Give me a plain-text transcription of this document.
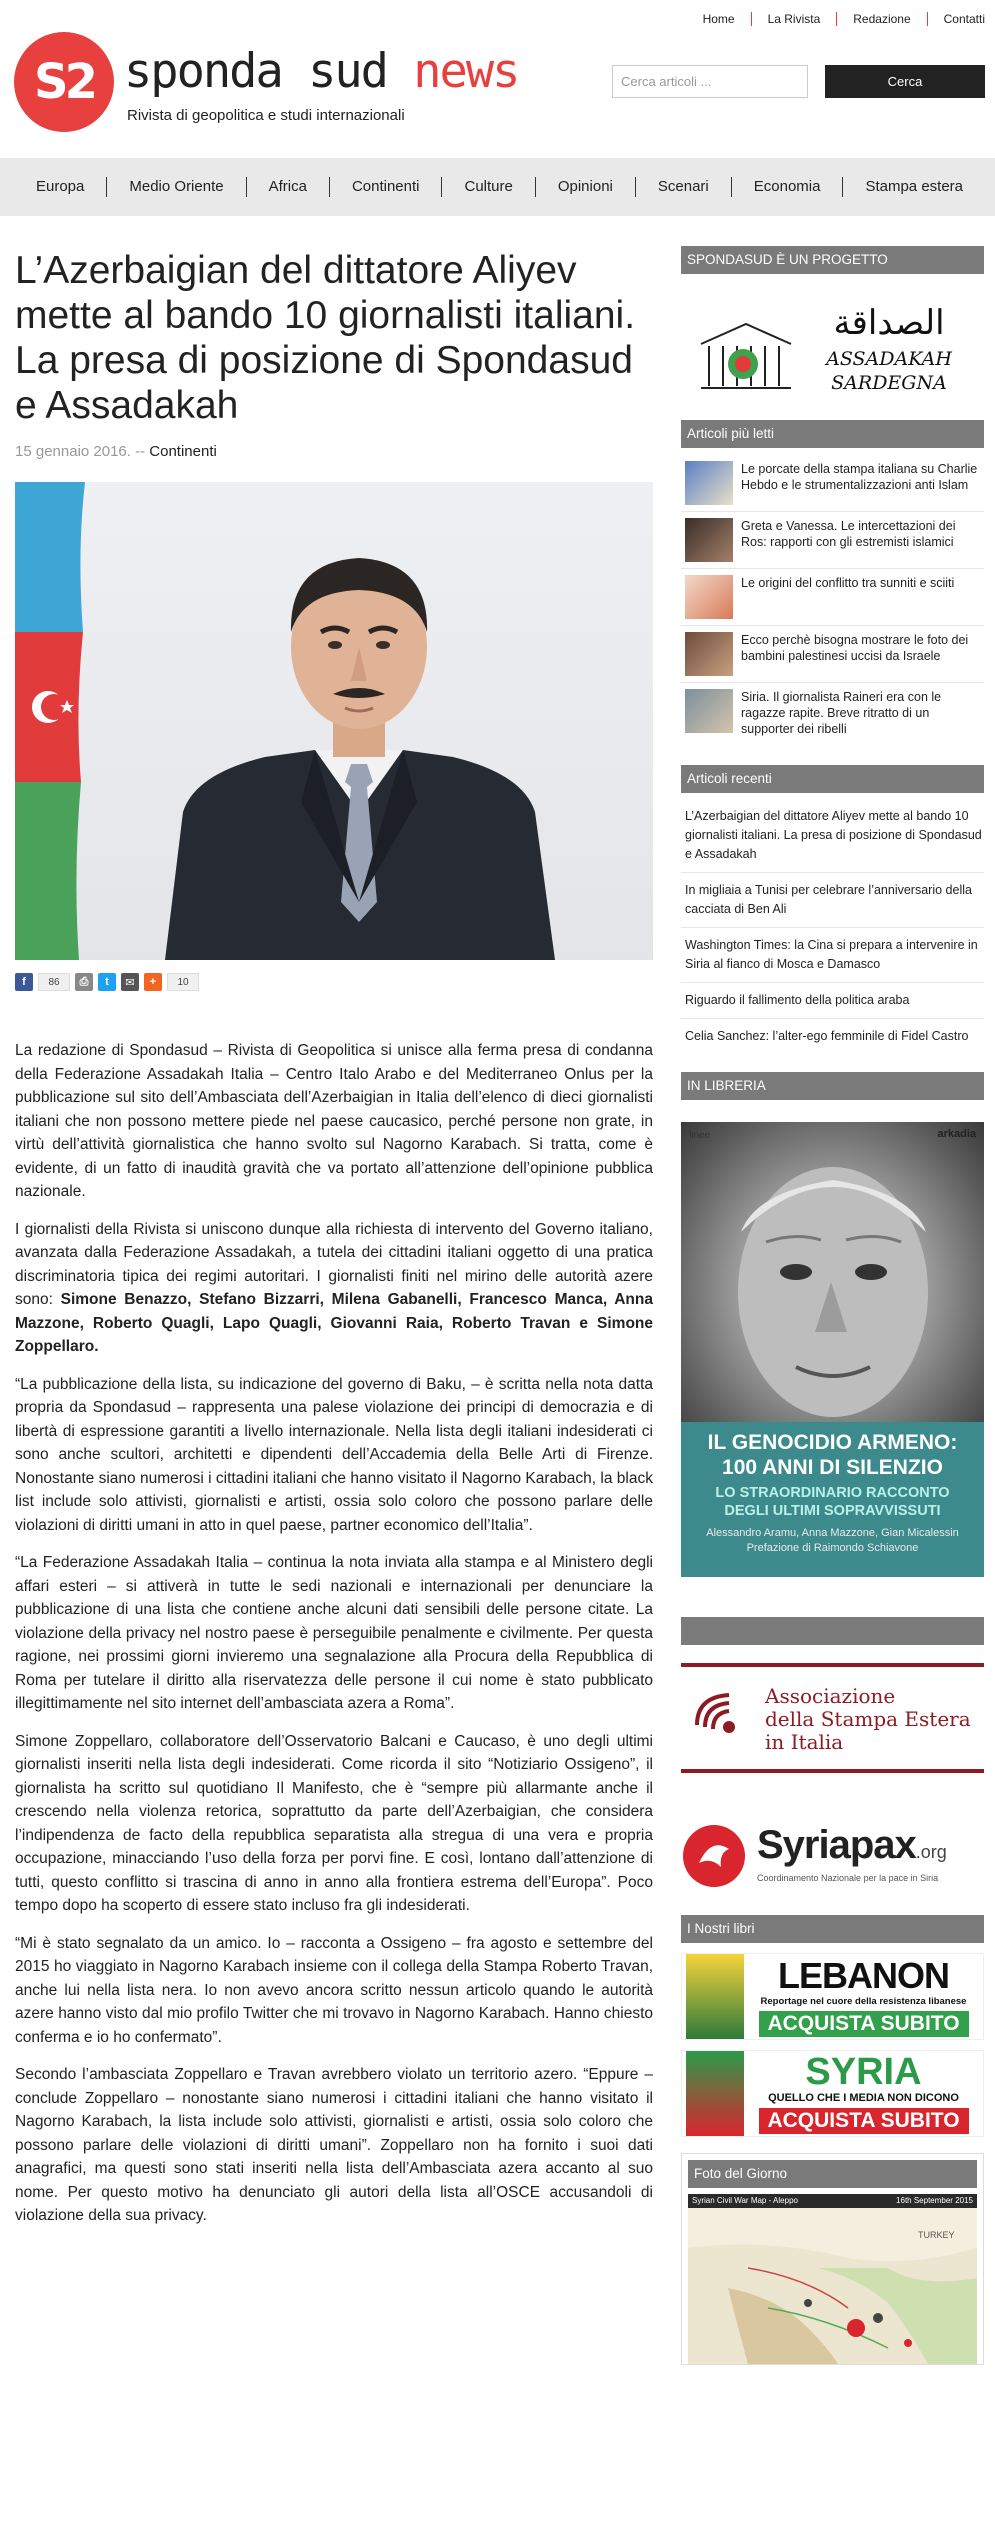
S2 sponda sud news
Rivista di geopolitica e studi internazionali
Home	La Rivista	Redazione	Contatti
Cerca articoli ...
Cerca
Europa	Medio Oriente	Africa	Continenti	Culture	Opinioni	Scenari	Economia	Stampa estera
L’Azerbaigian del dittatore Aliyev mette al bando 10 giornalisti italiani. La presa di posizione di Spondasud e Assadakah
15 gennaio 2016. -- Continenti
f	86	⎙	t	✉	+	10

La redazione di Spondasud – Rivista di Geopolitica si unisce alla ferma presa di condanna della Federazione Assadakah Italia – Centro Italo Arabo e del Mediterraneo Onlus per la pubblicazione sul sito dell’Ambasciata dell’Azerbaigian in Italia dell’elenco di dieci giornalisti italiani che non possono mettere piede nel paese caucasico, perché persone non grate, in virtù dell’attività giornalistica che hanno svolto sul Nagorno Karabach. Si tratta, come è evidente, di un fatto di inaudità gravità che va portato all’attenzione dell’opinione pubblica nazionale.

I giornalisti della Rivista si uniscono dunque alla richiesta di intervento del Governo italiano, avanzata dalla Federazione Assadakah, a tutela dei cittadini italiani oggetto di una pratica discriminatoria tipica dei regimi autoritari. I giornalisti finiti nel mirino delle autorità azere sono: Simone Benazzo, Stefano Bizzarri, Milena Gabanelli, Francesco Manca, Anna Mazzone, Roberto Quagli, Lapo Quagli, Giovanni Raia, Roberto Travan e Simone Zoppellaro.

“La pubblicazione della lista, su indicazione del governo di Baku, – è scritta nella nota datta propria da Spondasud – rappresenta una palese violazione dei principi di democrazia e di libertà di espressione garantiti a livello internazionale. Nella lista degli italiani indesiderati ci sono anche scultori, architetti e dipendenti dell’Accademia della Belle Arti di Firenze. Nonostante siano numerosi i cittadini italiani che hanno visitato il Nagorno Karabach, la black list include solo attivisti, giornalisti e artisti, ossia solo coloro che possono parlare delle violazioni di diritti umani in atto in quel paese, partner economico dell’Italia”.

“La Federazione Assadakah Italia – continua la nota inviata alla stampa e al Ministero degli affari esteri – si attiverà in tutte le sedi nazionali e internazionali per denunciare la pubblicazione di una lista che contiene anche alcuni dati sensibili delle persone citate. La violazione della privacy nel nostro paese è perseguibile penalmente e civilmente. Per questa ragione, nei prossimi giorni invieremo una segnalazione alla Procura della Repubblica di Roma per tutelare il diritto alla riservatezza delle persone il cui nome è stato pubblicato illegittimamente nel sito internet dell’ambasciata azera a Roma”.

Simone Zoppellaro, collaboratore dell’Osservatorio Balcani e Caucaso, è uno degli ultimi giornalisti inseriti nella lista degli indesiderati. Come ricorda il sito “Notiziario Ossigeno”, il giornalista ha scritto sul quotidiano Il Manifesto, che è “sempre più allarmante anche il crescendo nella violenza retorica, soprattutto da parte dell’Azerbaigian, che considera l’indipendenza de facto della repubblica separatista alla stregua di una vera e propria occupazione, minacciando l’uso della forza per porvi fine. E così, lontano dall’attenzione di tutti, questo conflitto si trascina di anno in anno alla frontiera estrema dell’Europa”. Poco tempo dopo ha scoperto di essere stato incluso fra gli indesiderati.

“Mi è stato segnalato da un amico. Io – racconta a Ossigeno – fra agosto e settembre del 2015 ho viaggiato in Nagorno Karabach insieme con il collega della Stampa Roberto Travan, anche lui nella lista nera. Io non avevo ancora scritto nessun articolo quando le autorità azere hanno visto dal mio profilo Twitter che mi trovavo in Nagorno Karabach. Hanno chiesto conferma e io ho confermato”.

Secondo l’ambasciata Zoppellaro e Travan avrebbero violato un territorio azero. “Eppure – conclude Zoppellaro – nonostante siano numerosi i cittadini italiani che hanno visitato il Nagorno Karabach, la lista include solo attivisti, giornalisti e artisti, ossia solo coloro che possono parlare delle violazioni di diritti umani”. Zoppellaro non ha fornito i suoi dati anagrafici, ma questi sono stati inseriti nella lista dell’Ambasciata azera accanto al suo nome. Per questo motivo ha denunciato gli autori della lista all’OSCE accusandoli di violazione della sua privacy.

SPONDASUD È UN PROGETTO
الصداقة
ASSADAKAH
SARDEGNA
Articoli più letti
Le porcate della stampa italiana su Charlie Hebdo e le strumentalizzazioni anti Islam
Greta e Vanessa. Le intercettazioni dei Ros: rapporti con gli estremisti islamici
Le origini del conflitto tra sunniti e sciiti
Ecco perchè bisogna mostrare le foto dei bambini palestinesi uccisi da Israele
Siria. Il giornalista Raineri era con le ragazze rapite. Breve ritratto di un supporter dei ribelli
Articoli recenti
L’Azerbaigian del dittatore Aliyev mette al bando 10 giornalisti italiani. La presa di posizione di Spondasud e Assadakah
In migliaia a Tunisi per celebrare l’anniversario della cacciata di Ben Ali
Washington Times: la Cina si prepara a intervenire in Siria al fianco di Mosca e Damasco
Riguardo il fallimento della politica araba
Celia Sanchez: l’alter-ego femminile di Fidel Castro
IN LIBRERIA
linee	arkadia
IL GENOCIDIO ARMENO:
100 ANNI DI SILENZIO
LO STRAORDINARIO RACCONTO
DEGLI ULTIMI SOPRAVVISSUTI
Alessandro Aramu, Anna Mazzone, Gian Micalessin
Prefazione di Raimondo Schiavone
Associazione
della Stampa Estera
in Italia
Syriapax.org
Coordinamento Nazionale per la pace in Siria
I Nostri libri
LEBANON
Reportage nel cuore della resistenza libanese
ACQUISTA SUBITO
SYRIA
QUELLO CHE I MEDIA NON DICONO
ACQUISTA SUBITO
Foto del Giorno
Syrian Civil War Map - Aleppo	16th September 2015
TURKEY
